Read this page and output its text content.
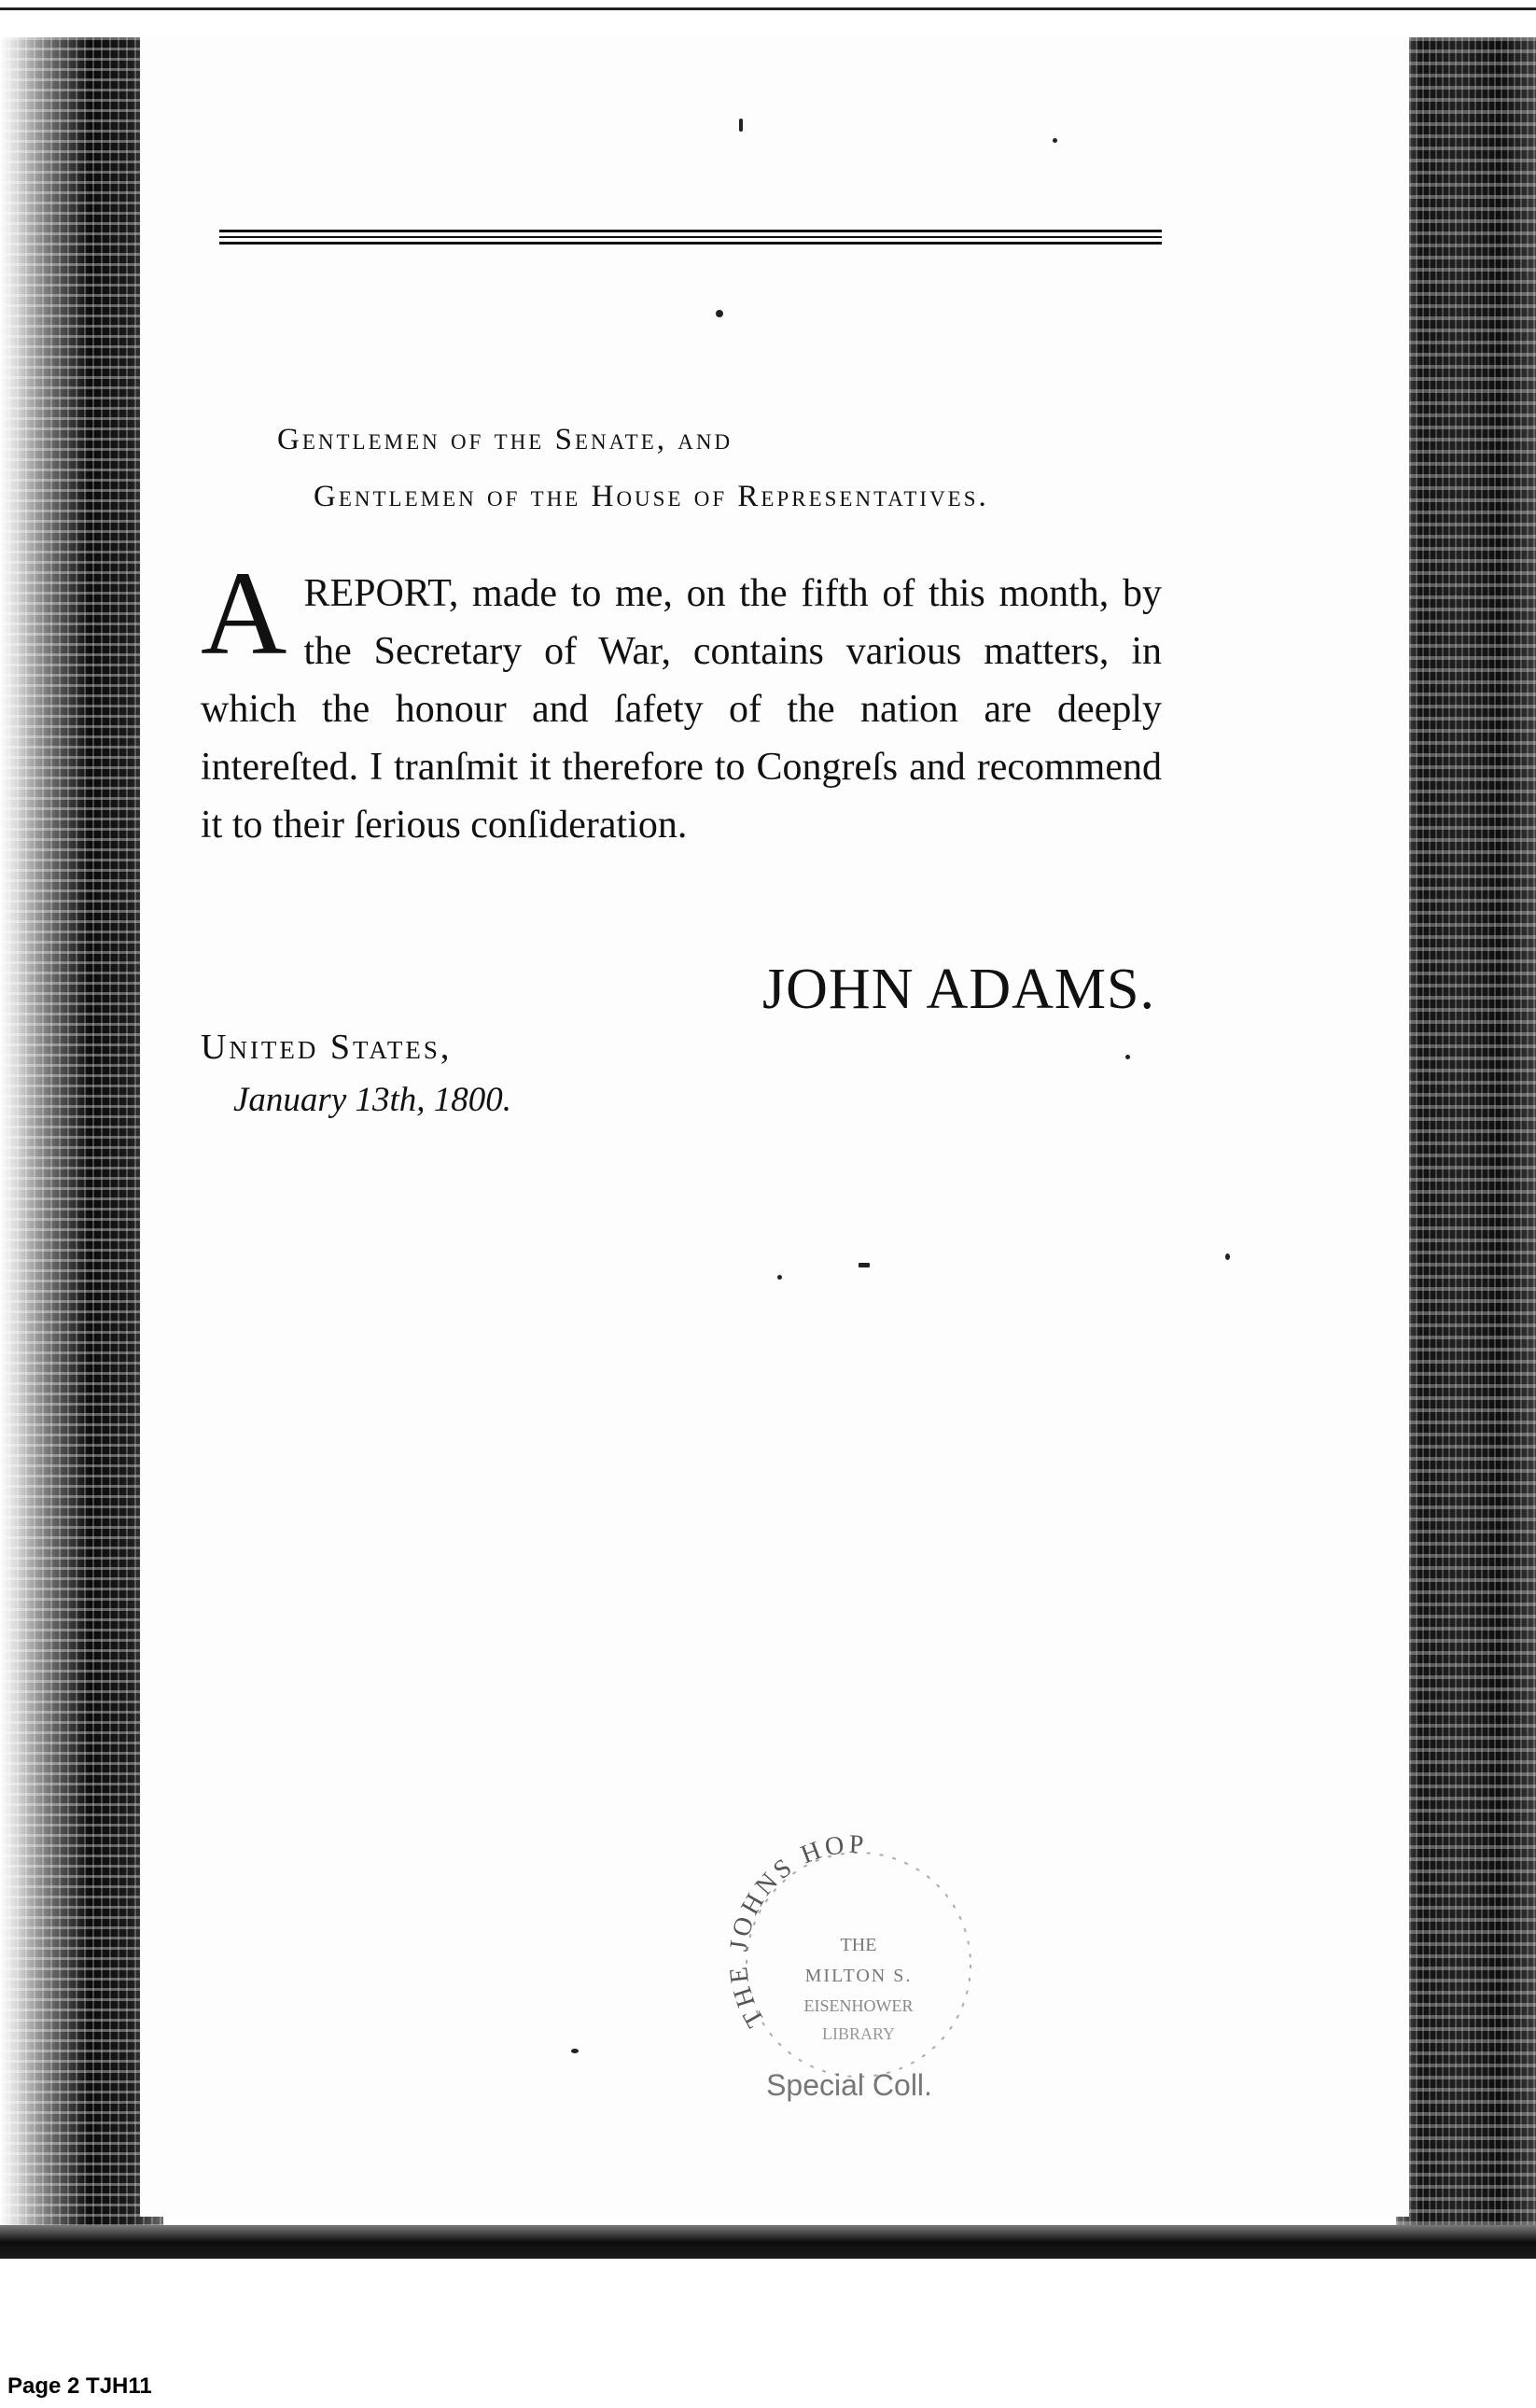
Gentlemen of the Senate, and
Gentlemen of the House of Representatives.
A REPORT, made to me, on the fifth of this month, by the Secretary of War, contains various matters, in which the honour and ſafety of the nation are deeply intereſted. I tranſmit it therefore to Congreſs and recommend it to their ſerious conſideration.
JOHN ADAMS.
United States,
January 13th, 1800.
THE JOHNS HOP
THE
MILTON S.
EISENHOWER
LIBRARY
Special Coll.
Page 2 TJH11
